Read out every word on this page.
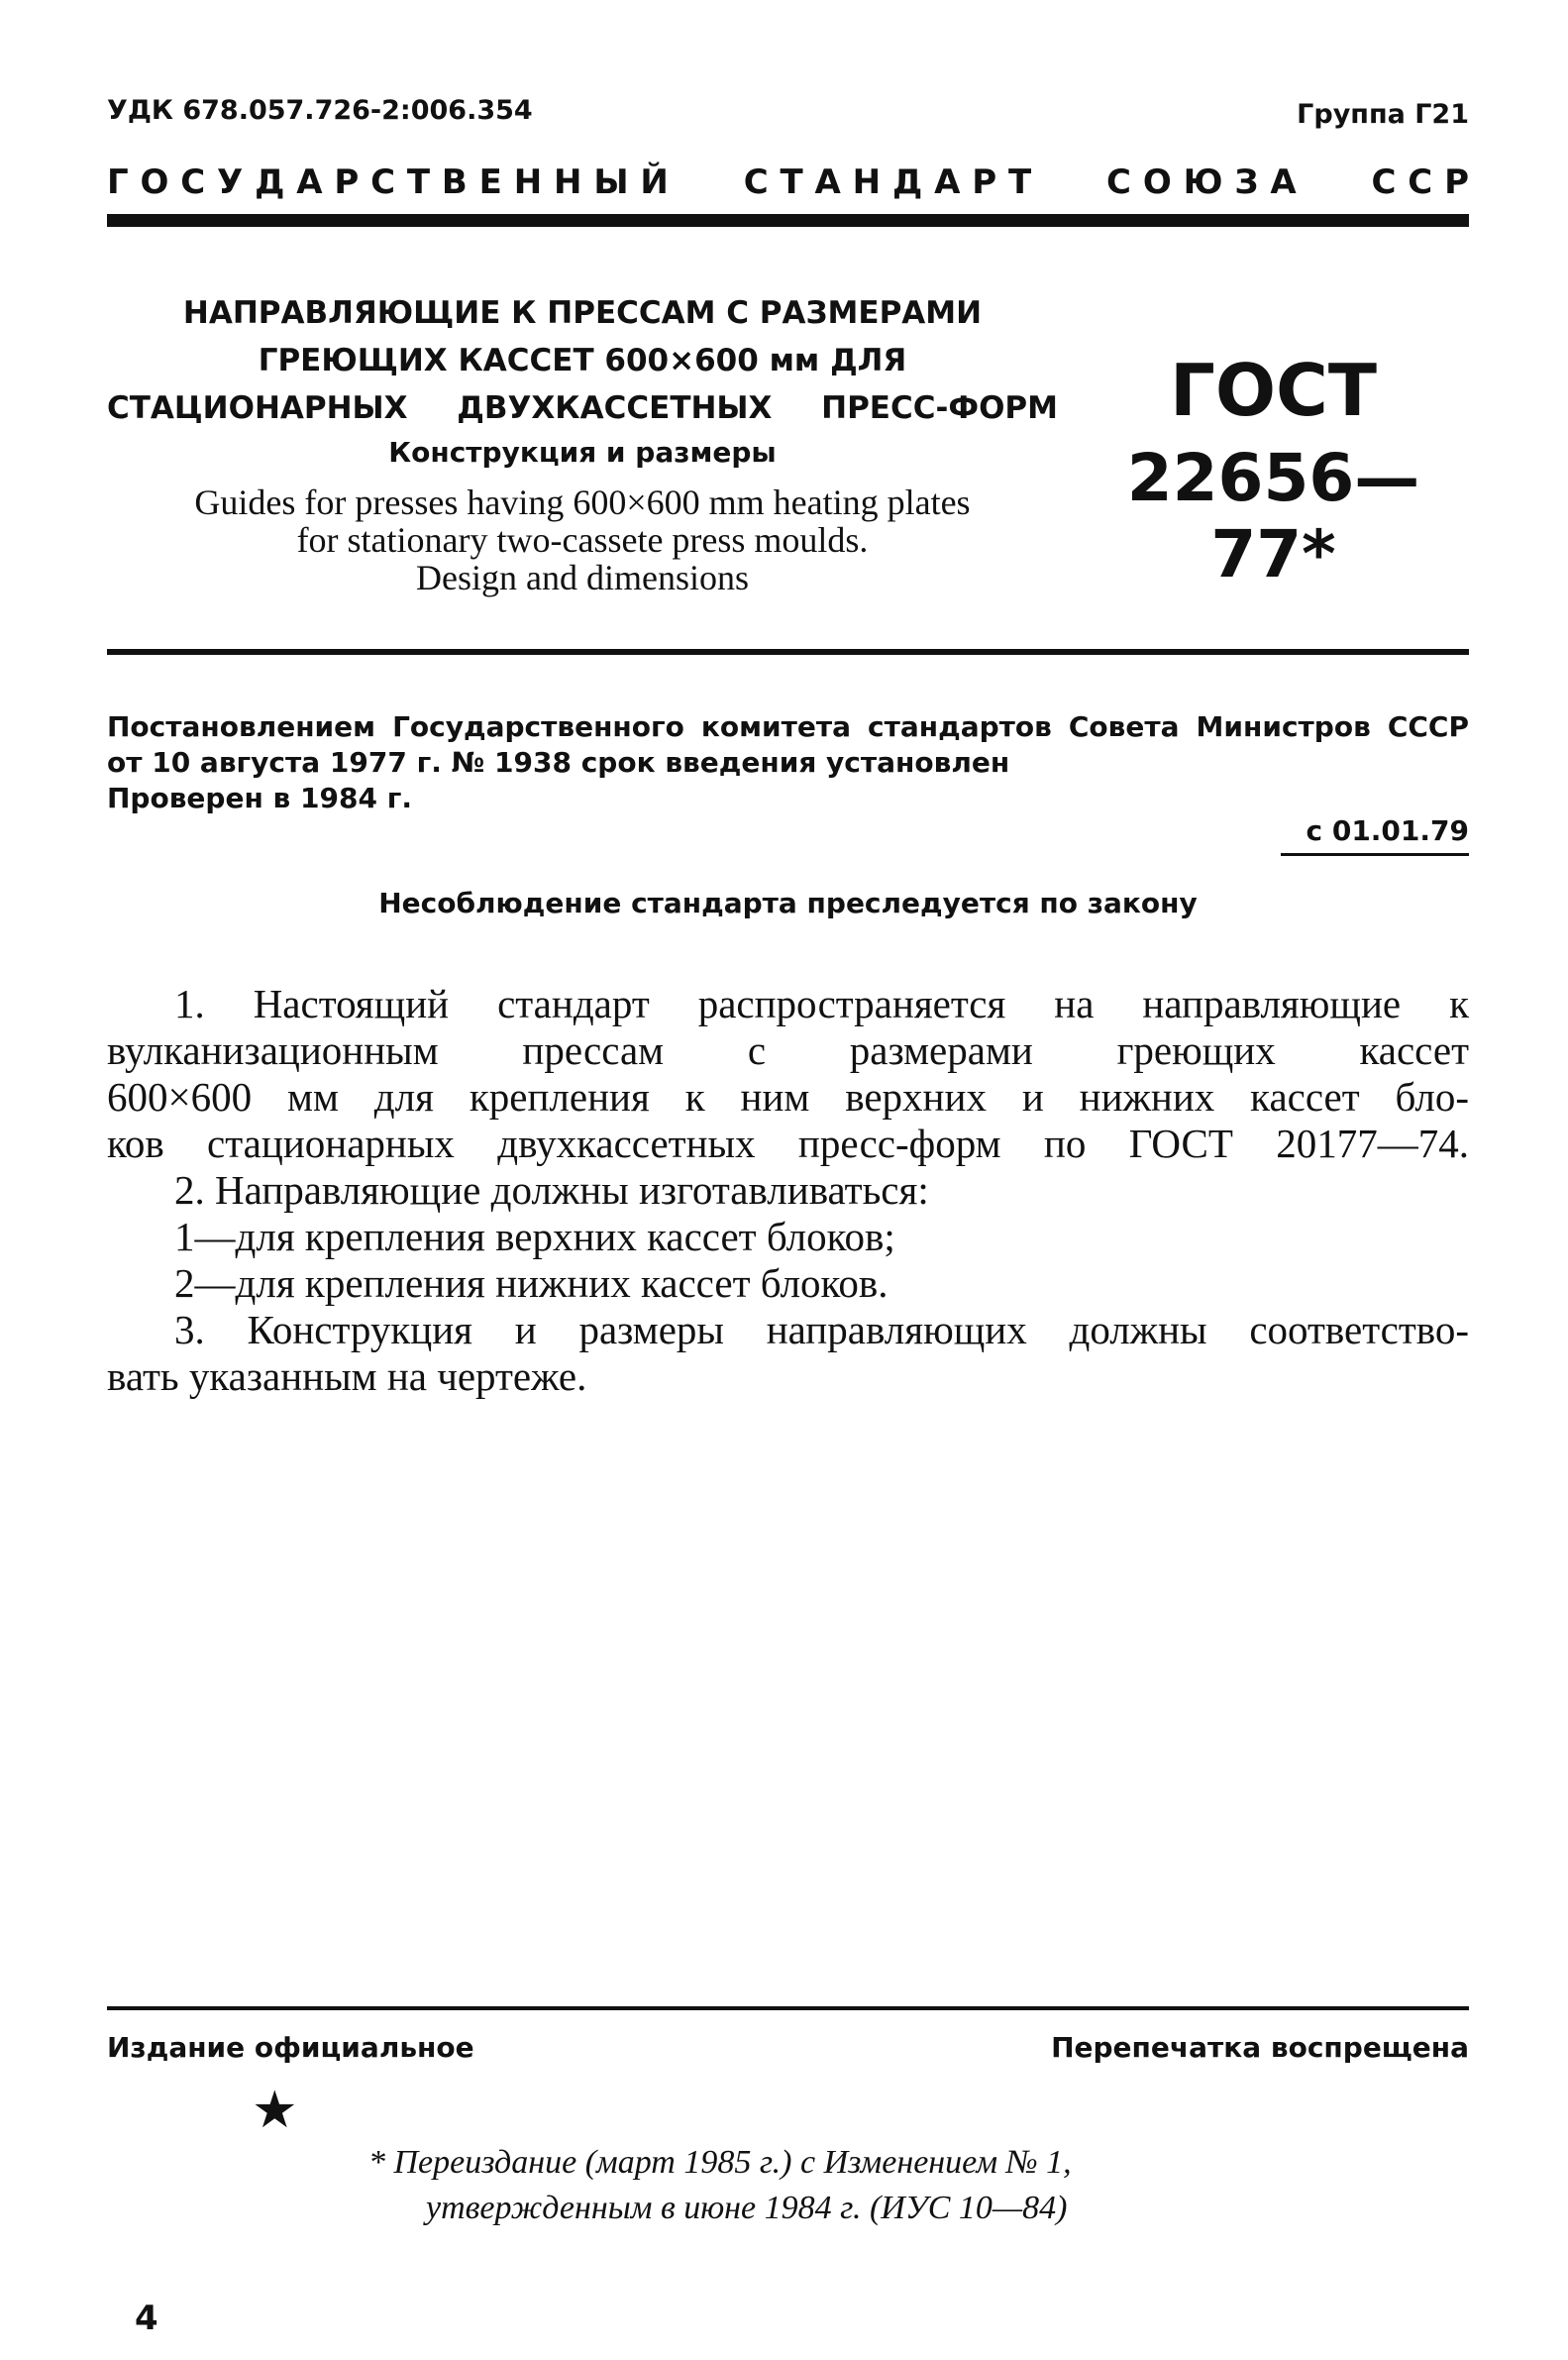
УДК 678.057.726-2:006.354	Группа Г21
Г О С У Д А Р С Т В Е Н Н Ы Й С Т А Н Д А Р Т С О Ю З А С С Р
НАПРАВЛЯЮЩИЕ К ПРЕССАМ С РАЗМЕРАМИ
ГРЕЮЩИХ КАССЕТ 600×600 мм ДЛЯ
СТАЦИОНАРНЫХ ДВУХКАССЕТНЫХ ПРЕСС-ФОРМ
Конструкция и размеры
Guides for presses having 600×600 mm heating plates
for stationary two-cassete press moulds.
Design and dimensions
ГОСТ
22656—77*
Постановлением Государственного комитета стандартов Совета Министров СССР
от 10 августа 1977 г. № 1938 срок введения установлен
Проверен в 1984 г.
с 01.01.79
Несоблюдение стандарта преследуется по закону

1. Настоящий стандарт распространяется на направляющие к

вулканизационным прессам с размерами греющих кассет

600×600 мм для крепления к ним верхних и нижних кассет бло-

ков стационарных двухкассетных пресс-форм по ГОСТ 20177—74.

2. Направляющие должны изготавливаться:

1—для крепления верхних кассет блоков;

2—для крепления нижних кассет блоков.

3. Конструкция и размеры направляющих должны соответство-

вать указанным на чертеже.

Издание официальное	Перепечатка воспрещена
★
* Переиздание (март 1985 г.) с Изменением № 1,
утвержденным в июне 1984 г. (ИУС 10—84)
4
